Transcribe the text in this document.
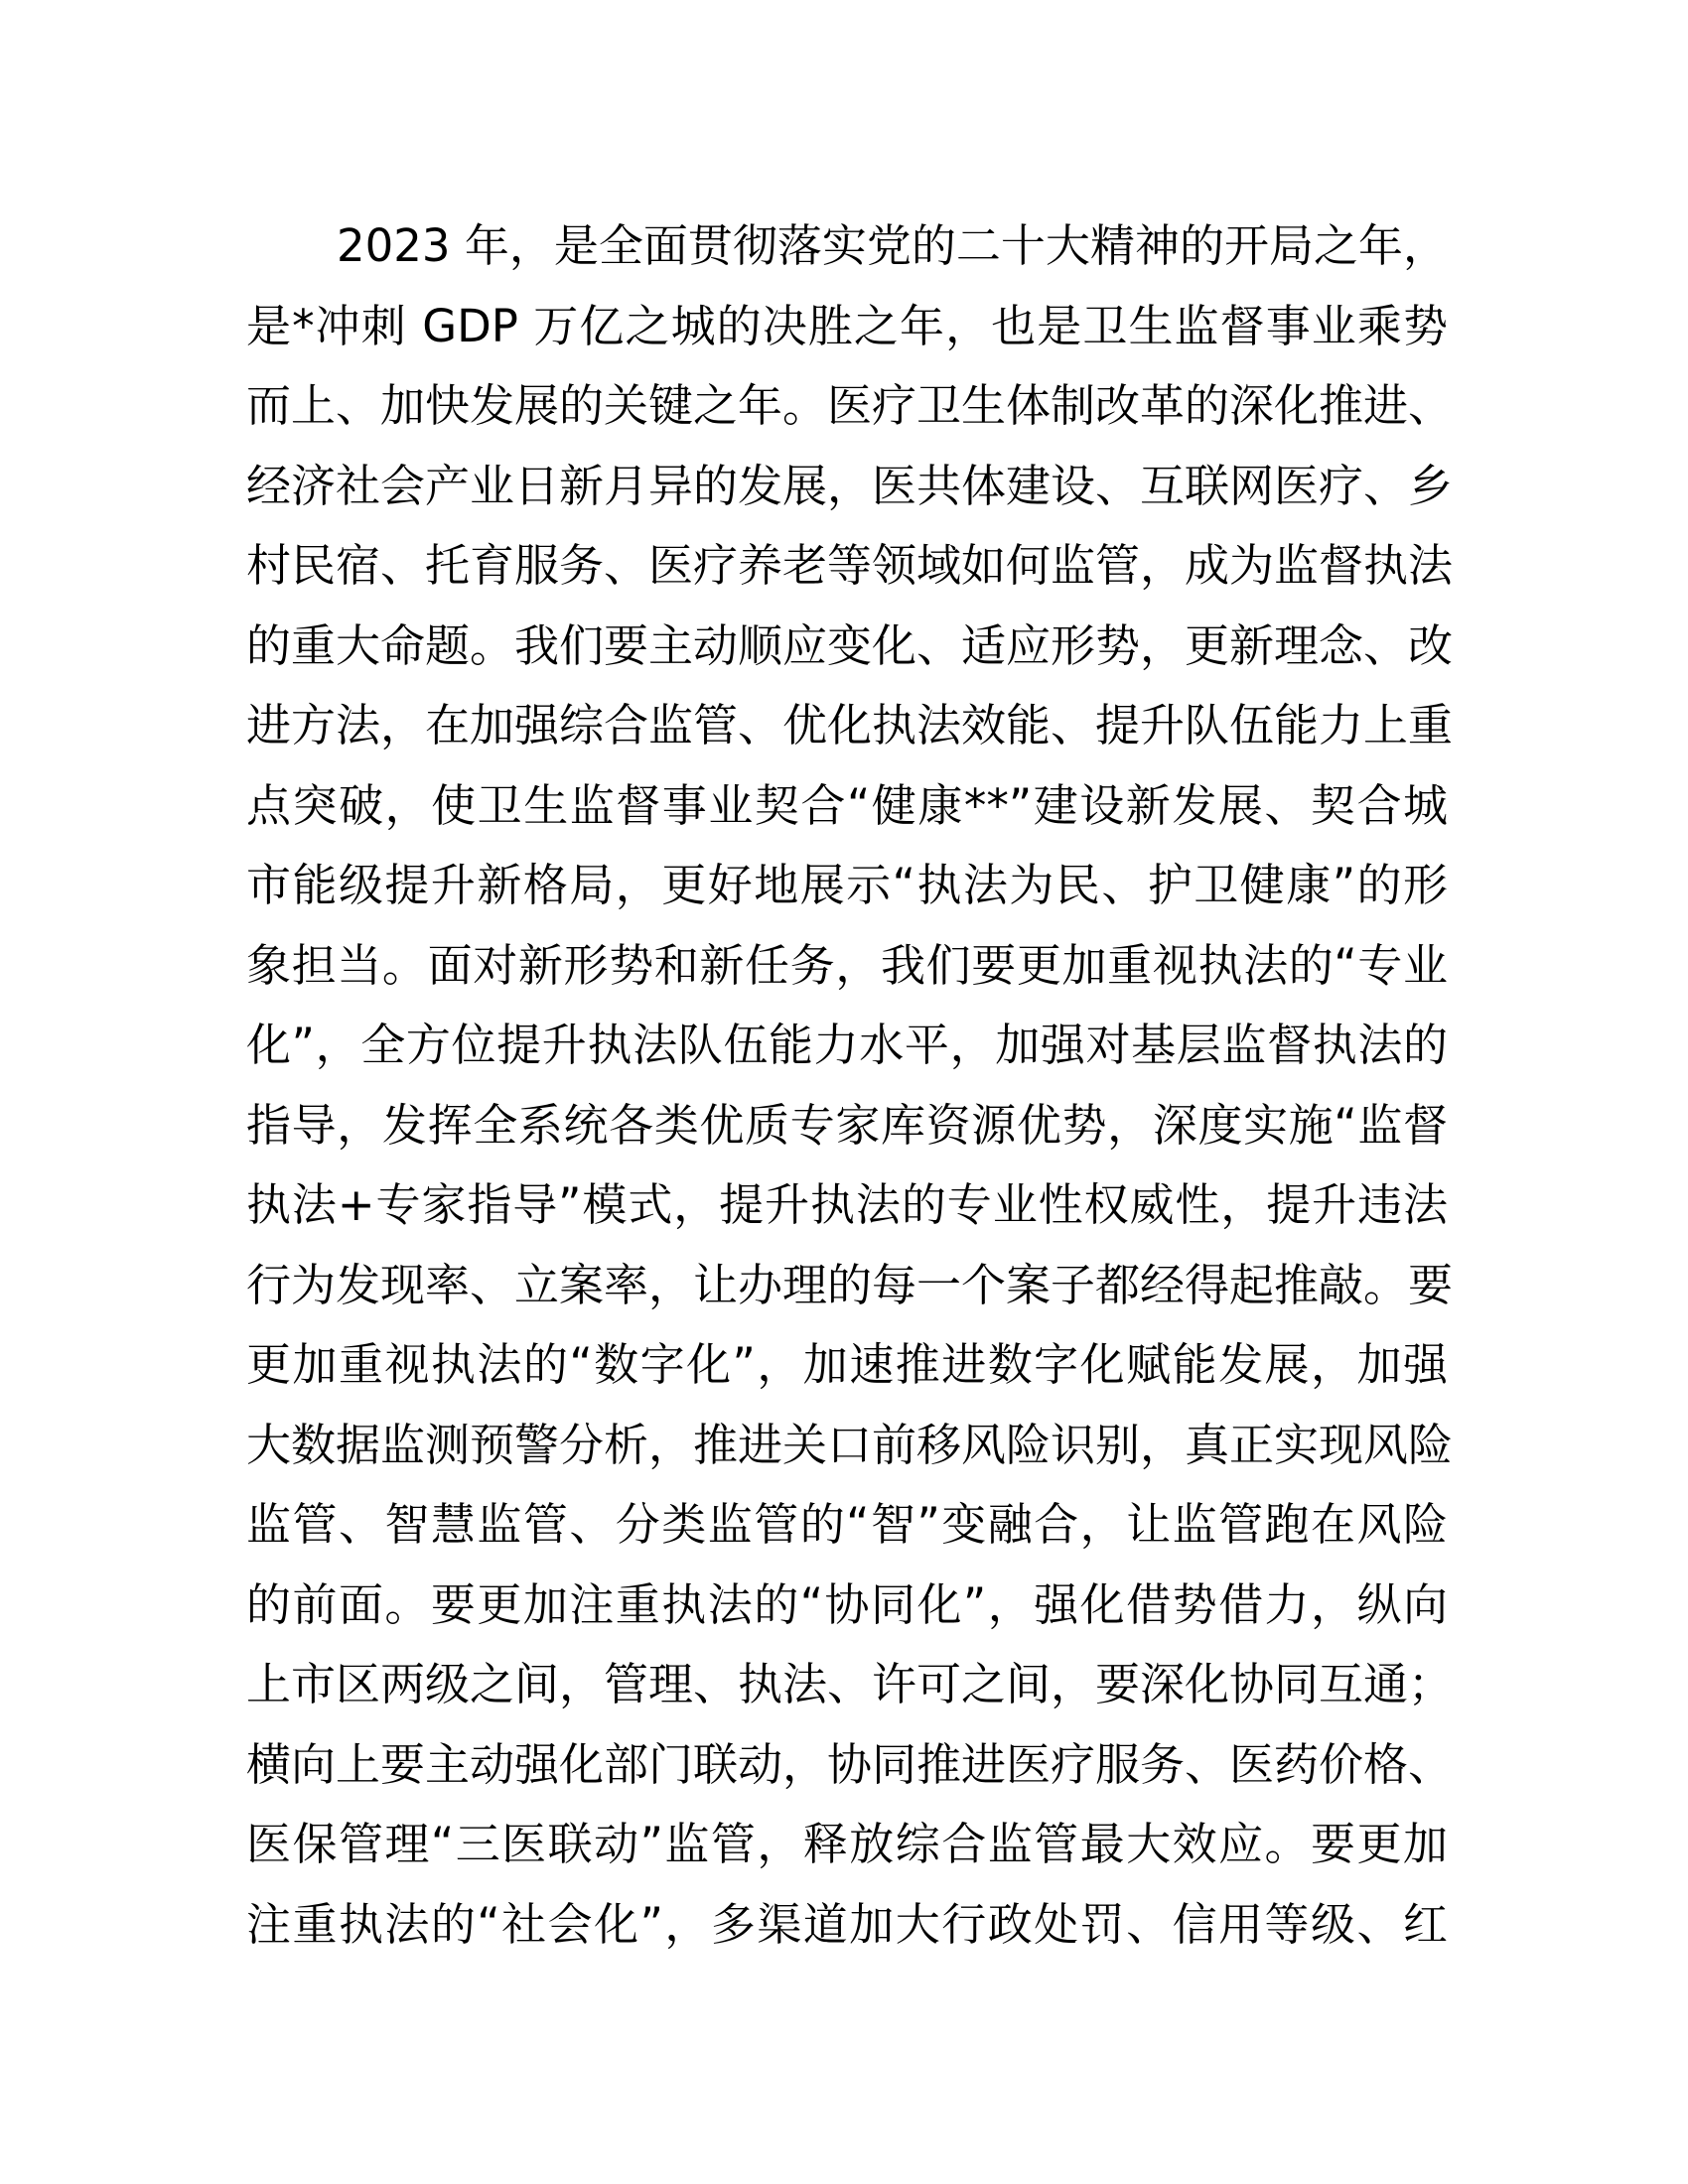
2023 年，是全面贯彻落实党的二十大精神的开局之年，
是*冲刺 GDP 万亿之城的决胜之年，也是卫生监督事业乘势
而上、加快发展的关键之年。医疗卫生体制改革的深化推进、
经济社会产业日新月异的发展，医共体建设、互联网医疗、乡
村民宿、托育服务、医疗养老等领域如何监管，成为监督执法
的重大命题。我们要主动顺应变化、适应形势，更新理念、改
进方法，在加强综合监管、优化执法效能、提升队伍能力上重
点突破，使卫生监督事业契合“健康**”建设新发展、契合城
市能级提升新格局，更好地展示“执法为民、护卫健康”的形
象担当。面对新形势和新任务，我们要更加重视执法的“专业
化”，全方位提升执法队伍能力水平，加强对基层监督执法的
指导，发挥全系统各类优质专家库资源优势，深度实施“监督
执法+专家指导”模式，提升执法的专业性权威性，提升违法
行为发现率、立案率，让办理的每一个案子都经得起推敲。要
更加重视执法的“数字化”，加速推进数字化赋能发展，加强
大数据监测预警分析，推进关口前移风险识别，真正实现风险
监管、智慧监管、分类监管的“智”变融合，让监管跑在风险
的前面。要更加注重执法的“协同化”，强化借势借力，纵向
上市区两级之间，管理、执法、许可之间，要深化协同互通；
横向上要主动强化部门联动，协同推进医疗服务、医药价格、
医保管理“三医联动”监管，释放综合监管最大效应。要更加
注重执法的“社会化”，多渠道加大行政处罚、信用等级、红
